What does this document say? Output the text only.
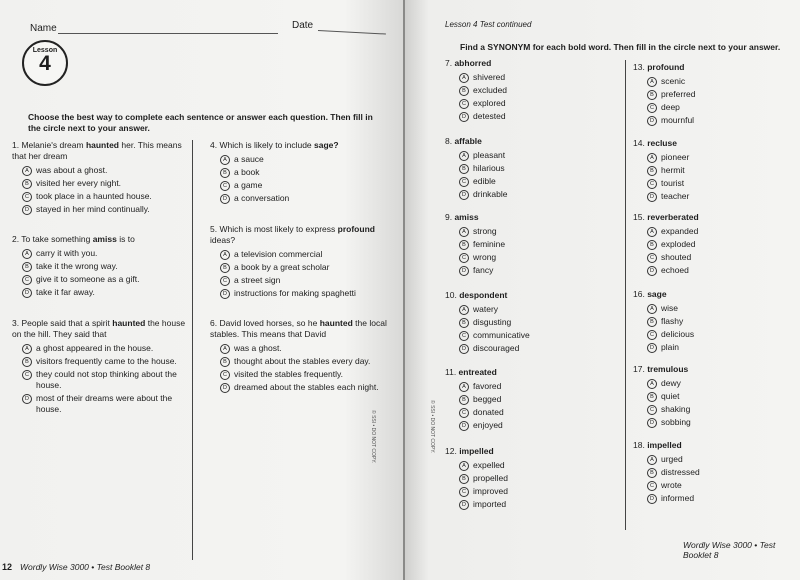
Name	Date
Lesson
4
Choose the best way to complete each sentence or answer each question. Then fill in the circle next to your answer.
1. Melanie's dream haunted her. This means that her dream
A was about a ghost.
B visited her every night.
C took place in a haunted house.
D stayed in her mind continually.
2. To take something amiss is to
A carry it with you.
B take it the wrong way.
C give it to someone as a gift.
D take it far away.
3. People said that a spirit haunted the house on the hill. They said that
A a ghost appeared in the house.
B visitors frequently came to the house.
C they could not stop thinking about the house.
D most of their dreams were about the house.
4. Which is likely to include sage?
A a sauce
B a book
C a game
D a conversation
5. Which is most likely to express profound ideas?
A a television commercial
B a book by a great scholar
C a street sign
D instructions for making spaghetti
6. David loved horses, so he haunted the local stables. This means that David
A was a ghost.
B thought about the stables every day.
C visited the stables frequently.
D dreamed about the stables each night.
© SSI • DO NOT COPY.
12 Wordly Wise 3000 • Test Booklet 8
Lesson 4 Test continued
Find a SYNONYM for each bold word. Then fill in the circle next to your answer.
7. abhorred
A shivered
B excluded
C explored
D detested
8. affable
A pleasant
B hilarious
C edible
D drinkable
9. amiss
A strong
B feminine
C wrong
D fancy
10. despondent
A watery
B disgusting
C communicative
D discouraged
11. entreated
A favored
B begged
C donated
D enjoyed
12. impelled
A expelled
B propelled
C improved
D imported
13. profound
A scenic
B preferred
C deep
D mournful
14. recluse
A pioneer
B hermit
C tourist
D teacher
15. reverberated
A expanded
B exploded
C shouted
D echoed
16. sage
A wise
B flashy
C delicious
D plain
17. tremulous
A dewy
B quiet
C shaking
D sobbing
18. impelled
A urged
B distressed
C wrote
D informed
© SSI • DO NOT COPY.
Wordly Wise 3000 • Test Booklet 8
